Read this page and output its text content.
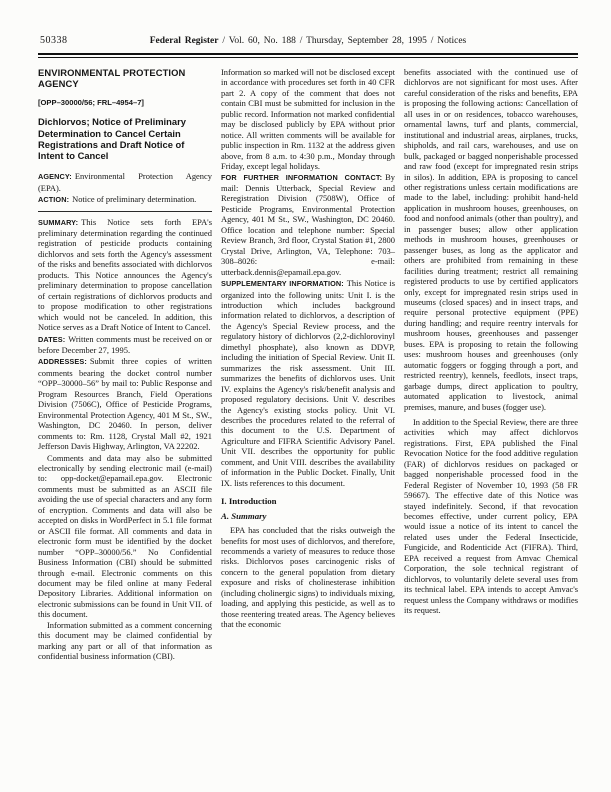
50338	Federal Register / Vol. 60, No. 188 / Thursday, September 28, 1995 / Notices
ENVIRONMENTAL PROTECTION AGENCY

[OPP–30000/56; FRL–4954–7]

Dichlorvos; Notice of Preliminary Determination to Cancel Certain Registrations and Draft Notice of Intent to Cancel

AGENCY: Environmental Protection Agency (EPA).

ACTION: Notice of preliminary determination.

SUMMARY: This Notice sets forth EPA's preliminary determination regarding the continued registration of pesticide products containing dichlorvos and sets forth the Agency's assessment of the risks and benefits associated with dichlorvos products. This Notice announces the Agency's preliminary determination to propose cancellation of certain registrations of dichlorvos products and to propose modification to other registrations which would not be canceled. In addition, this Notice serves as a Draft Notice of Intent to Cancel.

DATES: Written comments must be received on or before December 27, 1995.

ADDRESSES: Submit three copies of written comments bearing the docket control number “OPP–30000–56” by mail to: Public Response and Program Resources Branch, Field Operations Division (7506C), Office of Pesticide Programs, Environmental Protection Agency, 401 M St., SW., Washington, DC 20460. In person, deliver comments to: Rm. 1128, Crystal Mall #2, 1921 Jefferson Davis Highway, Arlington, VA 22202.

Comments and data may also be submitted electronically by sending electronic mail (e-mail) to: opp-docket@epamail.epa.gov. Electronic comments must be submitted as an ASCII file avoiding the use of special characters and any form of encryption. Comments and data will also be accepted on disks in WordPerfect in 5.1 file format or ASCII file format. All comments and data in electronic form must be identified by the docket number “OPP–30000/56.” No Confidential Business Information (CBI) should be submitted through e-mail. Electronic comments on this document may be filed online at many Federal Depository Libraries. Additional information on electronic submissions can be found in Unit VII. of this document.

Information submitted as a comment concerning this document may be claimed confidential by marking any part or all of that information as confidential business information (CBI).

Information so marked will not be disclosed except in accordance with procedures set forth in 40 CFR part 2. A copy of the comment that does not contain CBI must be submitted for inclusion in the public record. Information not marked confidential may be disclosed publicly by EPA without prior notice. All written comments will be available for public inspection in Rm. 1132 at the address given above, from 8 a.m. to 4:30 p.m., Monday through Friday, except legal holidays.

FOR FURTHER INFORMATION CONTACT: By mail: Dennis Utterback, Special Review and Reregistration Division (7508W), Office of Pesticide Programs, Environmental Protection Agency, 401 M St., SW., Washington, DC 20460. Office location and telephone number: Special Review Branch, 3rd floor, Crystal Station #1, 2800 Crystal Drive, Arlington, VA, Telephone: 703–308–8026: e-mail: utterback.dennis@epamail.epa.gov.

SUPPLEMENTARY INFORMATION: This Notice is organized into the following units: Unit I. is the introduction which includes background information related to dichlorvos, a description of the Agency's Special Review process, and the regulatory history of dichlorvos (2,2-dichlorovinyl dimethyl phosphate), also known as DDVP, including the initiation of Special Review. Unit II. summarizes the risk assessment. Unit III. summarizes the benefits of dichlorvos uses. Unit IV. explains the Agency's risk/benefit analysis and proposed regulatory decisions. Unit V. describes the Agency's existing stocks policy. Unit VI. describes the procedures related to the referral of this document to the U.S. Department of Agriculture and FIFRA Scientific Advisory Panel. Unit VII. describes the opportunity for public comment, and Unit VIII. describes the availability of information in the Public Docket. Finally, Unit IX. lists references to this document.

I. Introduction
A. Summary

EPA has concluded that the risks outweigh the benefits for most uses of dichlorvos, and therefore, recommends a variety of measures to reduce those risks. Dichlorvos poses carcinogenic risks of concern to the general population from dietary exposure and risks of cholinesterase inhibition (including cholinergic signs) to individuals mixing, loading, and applying this pesticide, as well as to those reentering treated areas. The Agency believes that the economic

benefits associated with the continued use of dichlorvos are not significant for most uses. After careful consideration of the risks and benefits, EPA is proposing the following actions: Cancellation of all uses in or on residences, tobacco warehouses, ornamental lawns, turf and plants, commercial, institutional and industrial areas, airplanes, trucks, shipholds, and rail cars, warehouses, and use on bulk, packaged or bagged nonperishable processed and raw food (except for impregnated resin strips in silos). In addition, EPA is proposing to cancel other registrations unless certain modifications are made to the label, including: prohibit hand-held application in mushroom houses, greenhouses, on food and nonfood animals (other than poultry), and in passenger buses; allow other application methods in mushroom houses, greenhouses or passenger buses, as long as the applicator and others are prohibited from remaining in these facilities during treatment; restrict all remaining registered products to use by certified applicators only, except for impregnated resin strips used in museums (closed spaces) and in insect traps, and require personal protective equipment (PPE) during handling; and require reentry intervals for mushroom houses, greenhouses and passenger buses. EPA is proposing to retain the following uses: mushroom houses and greenhouses (only automatic foggers or fogging through a port, and restricted reentry), kennels, feedlots, insect traps, garbage dumps, direct application to poultry, automated application to livestock, animal premises, manure, and buses (fogger use).

In addition to the Special Review, there are three activities which may affect dichlorvos registrations. First, EPA published the Final Revocation Notice for the food additive regulation (FAR) of dichlorvos residues on packaged or bagged nonperishable processed food in the Federal Register of November 10, 1993 (58 FR 59667). The effective date of this Notice was stayed indefinitely. Second, if that revocation becomes effective, under current policy, EPA would issue a notice of its intent to cancel the related uses under the Federal Insecticide, Fungicide, and Rodenticide Act (FIFRA). Third, EPA received a request from Amvac Chemical Corporation, the sole technical registrant of dichlorvos, to voluntarily delete several uses from its technical label. EPA intends to accept Amvac's request unless the Company withdraws or modifies its request.
